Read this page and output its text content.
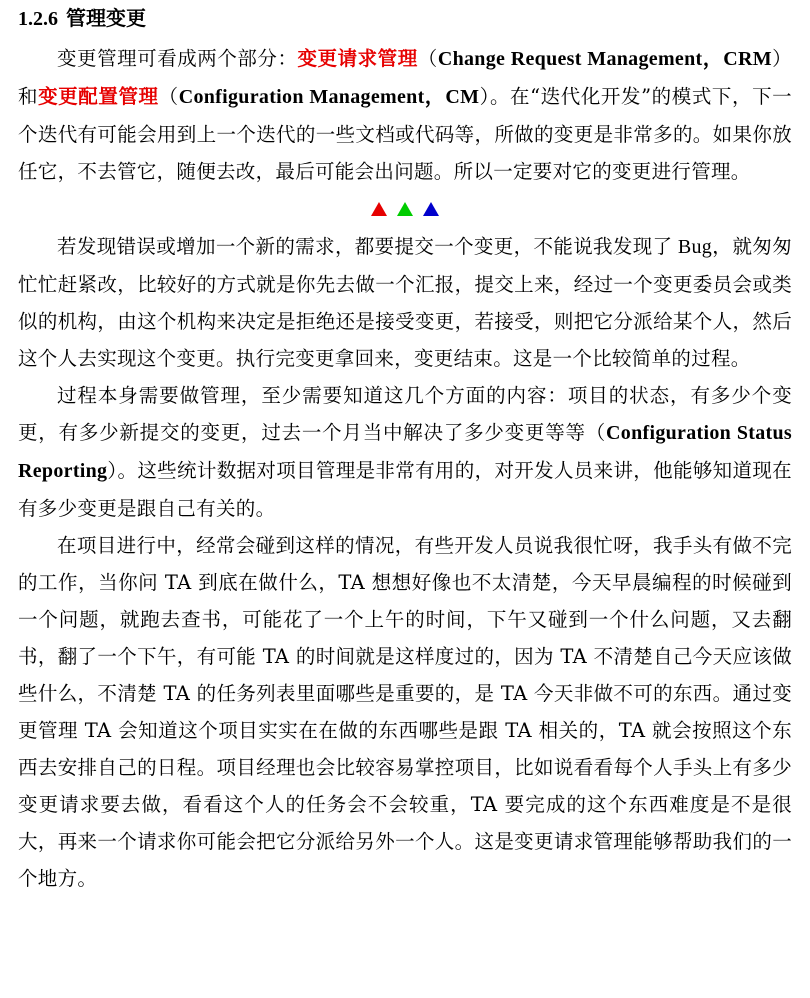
1.2.6 管理变更

变更管理可看成两个部分：变更请求管理（Change Request Management，CRM）和变更配置管理（Configuration Management，CM）。在“迭代化开发”的模式下，下一个迭代有可能会用到上一个迭代的一些文档或代码等，所做的变更是非常多的。如果你放任它，不去管它，随便去改，最后可能会出问题。所以一定要对它的变更进行管理。

若发现错误或增加一个新的需求，都要提交一个变更，不能说我发现了 Bug，就匆匆忙忙赶紧改，比较好的方式就是你先去做一个汇报，提交上来，经过一个变更委员会或类似的机构，由这个机构来决定是拒绝还是接受变更，若接受，则把它分派给某个人，然后这个人去实现这个变更。执行完变更拿回来，变更结束。这是一个比较简单的过程。

过程本身需要做管理，至少需要知道这几个方面的内容：项目的状态，有多少个变更，有多少新提交的变更，过去一个月当中解决了多少变更等等（Configuration Status Reporting）。这些统计数据对项目管理是非常有用的，对开发人员来讲，他能够知道现在有多少变更是跟自己有关的。

在项目进行中，经常会碰到这样的情况，有些开发人员说我很忙呀，我手头有做不完的工作，当你问 TA 到底在做什么，TA 想想好像也不太清楚，今天早晨编程的时候碰到一个问题，就跑去查书，可能花了一个上午的时间，下午又碰到一个什么问题，又去翻书，翻了一个下午，有可能 TA 的时间就是这样度过的，因为 TA 不清楚自己今天应该做些什么，不清楚 TA 的任务列表里面哪些是重要的，是 TA 今天非做不可的东西。通过变更管理 TA 会知道这个项目实实在在做的东西哪些是跟 TA 相关的，TA 就会按照这个东西去安排自己的日程。项目经理也会比较容易掌控项目，比如说看看每个人手头上有多少变更请求要去做，看看这个人的任务会不会较重，TA 要完成的这个东西难度是不是很大，再来一个请求你可能会把它分派给另外一个人。这是变更请求管理能够帮助我们的一个地方。
